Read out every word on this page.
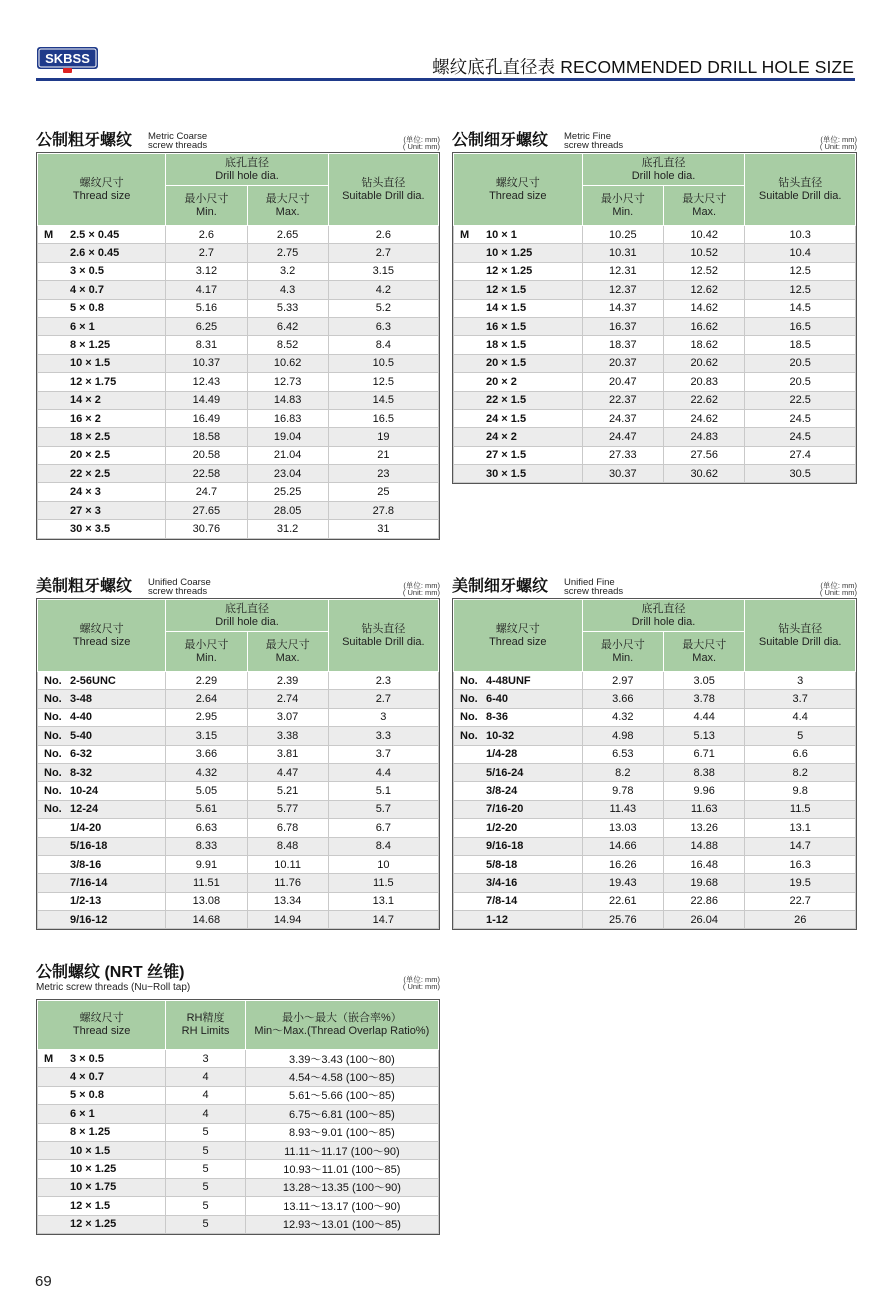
SKBSS	螺纹底孔直径表 RECOMMENDED DRILL HOLE SIZE
公制粗牙螺纹 Metric Coarse
screw threads	(单位: mm)
( Unit: mm)
螺纹尺寸
Thread size	底孔直径
Drill hole dia.		钻头直径
Suitable Drill dia.
	最小尺寸
Min.	最大尺寸
Max.	
M 2.5 × 0.45	2.6	2.65	2.6
2.6 × 0.45	2.7	2.75	2.7
3 × 0.5	3.12	3.2	3.15
4 × 0.7	4.17	4.3	4.2
5 × 0.8	5.16	5.33	5.2
6 × 1	6.25	6.42	6.3
8 × 1.25	8.31	8.52	8.4
10 × 1.5	10.37	10.62	10.5
12 × 1.75	12.43	12.73	12.5
14 × 2	14.49	14.83	14.5
16 × 2	16.49	16.83	16.5
18 × 2.5	18.58	19.04	19
20 × 2.5	20.58	21.04	21
22 × 2.5	22.58	23.04	23
24 × 3	24.7	25.25	25
27 × 3	27.65	28.05	27.8
30 × 3.5	30.76	31.2	31
公制细牙螺纹 Metric Fine
screw threads	(单位: mm)
( Unit: mm)
螺纹尺寸
Thread size	底孔直径
Drill hole dia.		钻头直径
Suitable Drill dia.
	最小尺寸
Min.	最大尺寸
Max.	
M 10 × 1	10.25	10.42	10.3
10 × 1.25	10.31	10.52	10.4
12 × 1.25	12.31	12.52	12.5
12 × 1.5	12.37	12.62	12.5
14 × 1.5	14.37	14.62	14.5
16 × 1.5	16.37	16.62	16.5
18 × 1.5	18.37	18.62	18.5
20 × 1.5	20.37	20.62	20.5
20 × 2	20.47	20.83	20.5
22 × 1.5	22.37	22.62	22.5
24 × 1.5	24.37	24.62	24.5
24 × 2	24.47	24.83	24.5
27 × 1.5	27.33	27.56	27.4
30 × 1.5	30.37	30.62	30.5
美制粗牙螺纹 Unified Coarse
screw threads	(单位: mm)
( Unit: mm)
螺纹尺寸
Thread size	底孔直径
Drill hole dia.		钻头直径
Suitable Drill dia.
	最小尺寸
Min.	最大尺寸
Max.	
No. 2-56UNC	2.29	2.39	2.3
No. 3-48	2.64	2.74	2.7
No. 4-40	2.95	3.07	3
No. 5-40	3.15	3.38	3.3
No. 6-32	3.66	3.81	3.7
No. 8-32	4.32	4.47	4.4
No. 10-24	5.05	5.21	5.1
No. 12-24	5.61	5.77	5.7
1/4-20	6.63	6.78	6.7
5/16-18	8.33	8.48	8.4
3/8-16	9.91	10.11	10
7/16-14	11.51	11.76	11.5
1/2-13	13.08	13.34	13.1
9/16-12	14.68	14.94	14.7
美制细牙螺纹 Unified Fine
screw threads	(单位: mm)
( Unit: mm)
螺纹尺寸
Thread size	底孔直径
Drill hole dia.		钻头直径
Suitable Drill dia.
	最小尺寸
Min.	最大尺寸
Max.	
No. 4-48UNF	2.97	3.05	3
No. 6-40	3.66	3.78	3.7
No. 8-36	4.32	4.44	4.4
No. 10-32	4.98	5.13	5
1/4-28	6.53	6.71	6.6
5/16-24	8.2	8.38	8.2
3/8-24	9.78	9.96	9.8
7/16-20	11.43	11.63	11.5
1/2-20	13.03	13.26	13.1
9/16-18	14.66	14.88	14.7
5/8-18	16.26	16.48	16.3
3/4-16	19.43	19.68	19.5
7/8-14	22.61	22.86	22.7
1-12	25.76	26.04	26
公制螺纹 (NRT 丝锥)
Metric screw threads (Nu−Roll tap)
(单位: mm)
( Unit: mm)
螺纹尺寸
Thread size	RH精度
RH Limits	最小～最大（嵌合率%）
Min～Max.(Thread Overlap Ratio%)
M 3 × 0.5	3	3.39～3.43 (100～80)
4 × 0.7	4	4.54～4.58 (100～85)
5 × 0.8	4	5.61～5.66 (100～85)
6 × 1	4	6.75～6.81 (100～85)
8 × 1.25	5	8.93～9.01 (100～85)
10 × 1.5	5	11.11～11.17 (100～90)
10 × 1.25	5	10.93～11.01 (100～85)
10 × 1.75	5	13.28～13.35 (100～90)
12 × 1.5	5	13.11～13.17 (100～90)
12 × 1.25	5	12.93～13.01 (100～85)
69
